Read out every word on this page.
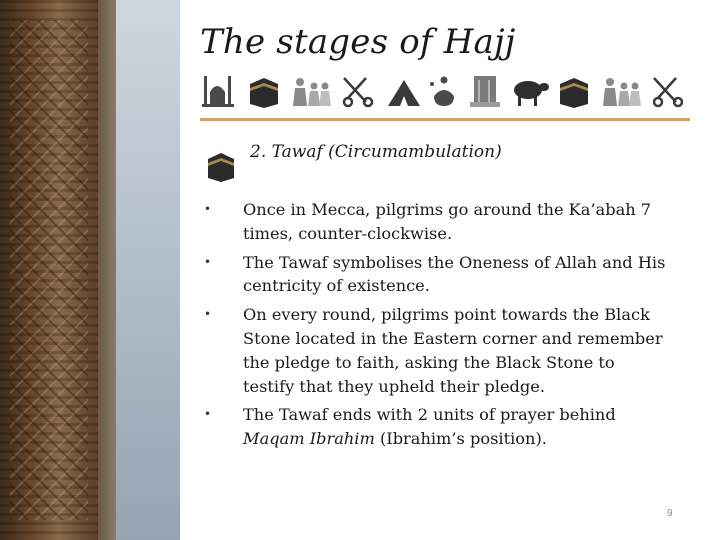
The stages of Hajj
2. Tawaf (Circumambulation)
• Once in Mecca, pilgrims go around the Ka’abah 7 times, counter-clockwise.
• The Tawaf symbolises the Oneness of Allah and His centricity of existence.
• On every round, pilgrims point towards the Black Stone located in the Eastern corner and remember the pledge to faith, asking the Black Stone to testify that they upheld their pledge.
• The Tawaf ends with 2 units of prayer behind Maqam Ibrahim (Ibrahim’s position).
9
